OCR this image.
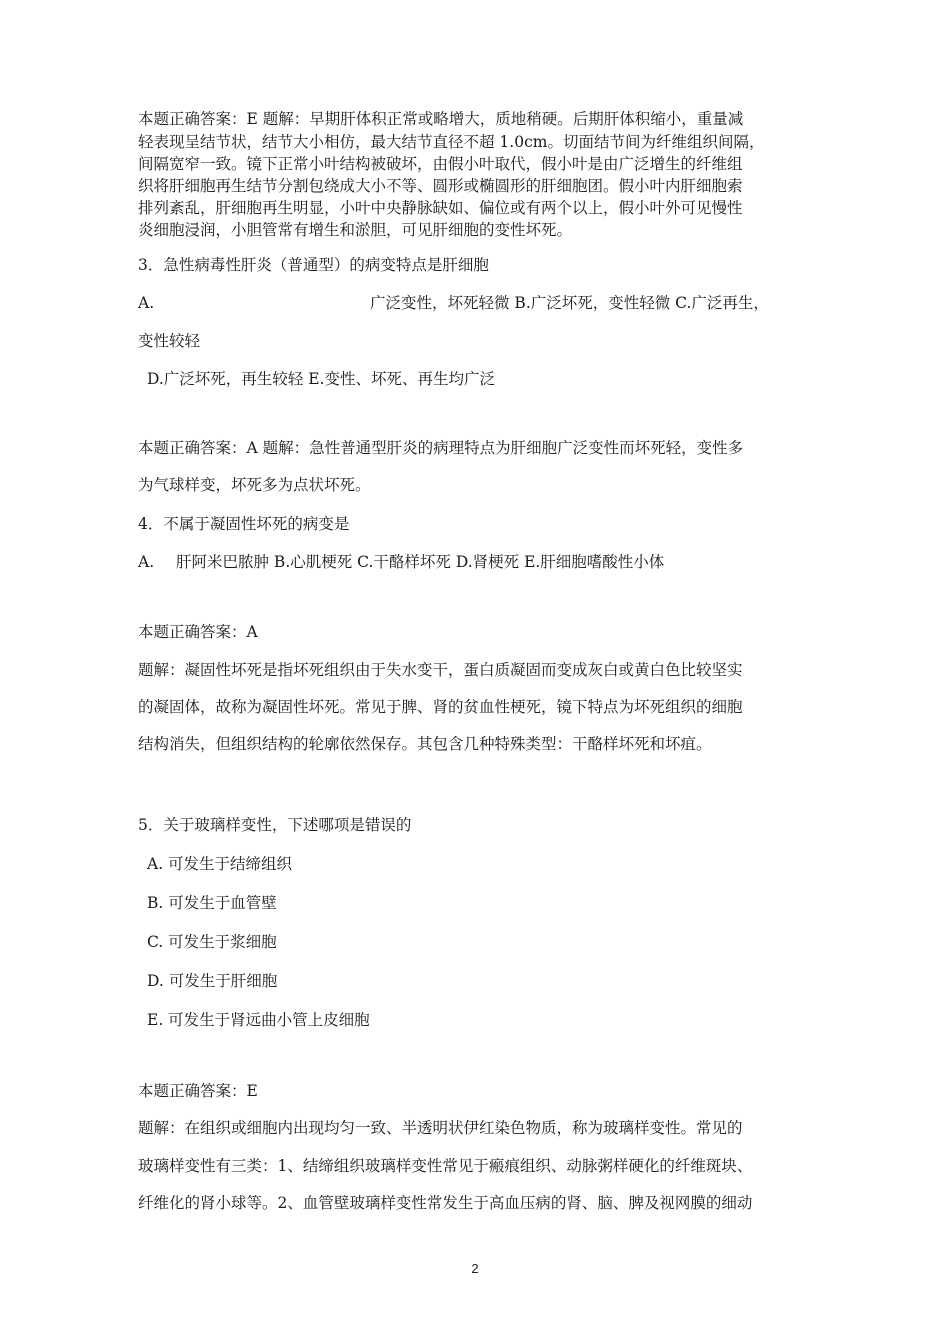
本题正确答案：E 题解：早期肝体积正常或略增大，质地稍硬。后期肝体积缩小，重量减
轻表现呈结节状，结节大小相仿，最大结节直径不超 1.0cm。切面结节间为纤维组织间隔，
间隔宽窄一致。镜下正常小叶结构被破坏，由假小叶取代，假小叶是由广泛增生的纤维组
织将肝细胞再生结节分割包绕成大小不等、圆形或椭圆形的肝细胞团。假小叶内肝细胞索
排列紊乱，肝细胞再生明显，小叶中央静脉缺如、偏位或有两个以上，假小叶外可见慢性
炎细胞浸润，小胆管常有增生和淤胆，可见肝细胞的变性坏死。
3．急性病毒性肝炎（普通型）的病变特点是肝细胞
A.	广泛变性，坏死轻微 B.广泛坏死，变性轻微 C.广泛再生，
变性较轻
D.广泛坏死，再生较轻 E.变性、坏死、再生均广泛
本题正确答案：A 题解：急性普通型肝炎的病理特点为肝细胞广泛变性而坏死轻，变性多
为气球样变，坏死多为点状坏死。
4．不属于凝固性坏死的病变是
A. 肝阿米巴脓肿 B.心肌梗死 C.干酪样坏死 D.肾梗死 E.肝细胞嗜酸性小体
本题正确答案：A
题解：凝固性坏死是指坏死组织由于失水变干，蛋白质凝固而变成灰白或黄白色比较坚实
的凝固体，故称为凝固性坏死。常见于脾、肾的贫血性梗死，镜下特点为坏死组织的细胞
结构消失，但组织结构的轮廓依然保存。其包含几种特殊类型：干酪样坏死和坏疽。
5．关于玻璃样变性，下述哪项是错误的
A. 可发生于结缔组织
B. 可发生于血管壁
C. 可发生于浆细胞
D. 可发生于肝细胞
E. 可发生于肾远曲小管上皮细胞
本题正确答案：E
题解：在组织或细胞内出现均匀一致、半透明状伊红染色物质，称为玻璃样变性。常见的
玻璃样变性有三类：1、结缔组织玻璃样变性常见于瘢痕组织、动脉粥样硬化的纤维斑块、
纤维化的肾小球等。2、血管壁玻璃样变性常发生于高血压病的肾、脑、脾及视网膜的细动
2
